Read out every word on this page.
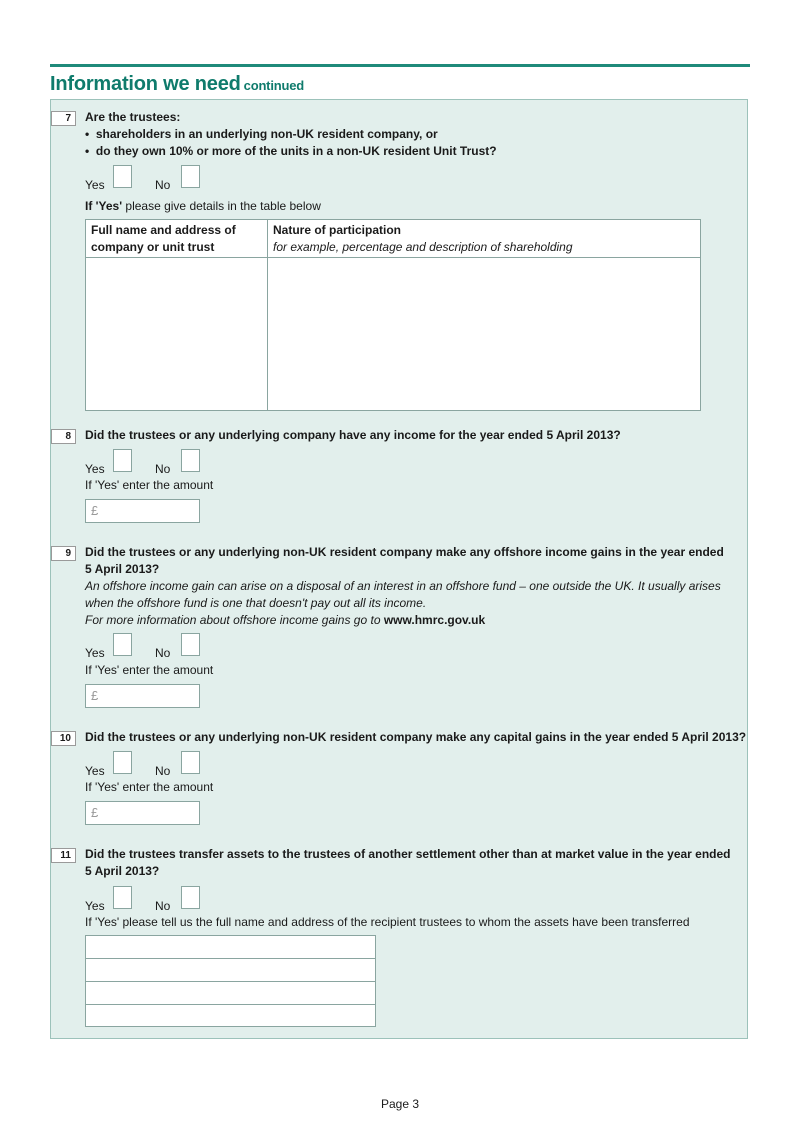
Information we need continued
7	Are the trustees:
•  shareholders in an underlying non-UK resident company, or
•  do they own 10% or more of the units in a non-UK resident Unit Trust?
Yes	No
If 'Yes' please give details in the table below
Full name and address of company or unit trust
Nature of participation
for example, percentage and description of shareholding
8	Did the trustees or any underlying company have any income for the year ended 5 April 2013?
Yes	No
If 'Yes' enter the amount
£
9	Did the trustees or any underlying non-UK resident company make any offshore income gains in the year ended
5 April 2013?
An offshore income gain can arise on a disposal of an interest in an offshore fund – one outside the UK. It usually arises
when the offshore fund is one that doesn't pay out all its income.
For more information about offshore income gains go to www.hmrc.gov.uk
Yes	No
If 'Yes' enter the amount
£
10	Did the trustees or any underlying non-UK resident company make any capital gains in the year ended 5 April 2013?
Yes	No
If 'Yes' enter the amount
£
11	Did the trustees transfer assets to the trustees of another settlement other than at market value in the year ended
5 April 2013?
Yes	No
If 'Yes' please tell us the full name and address of the recipient trustees to whom the assets have been transferred
Page 3
